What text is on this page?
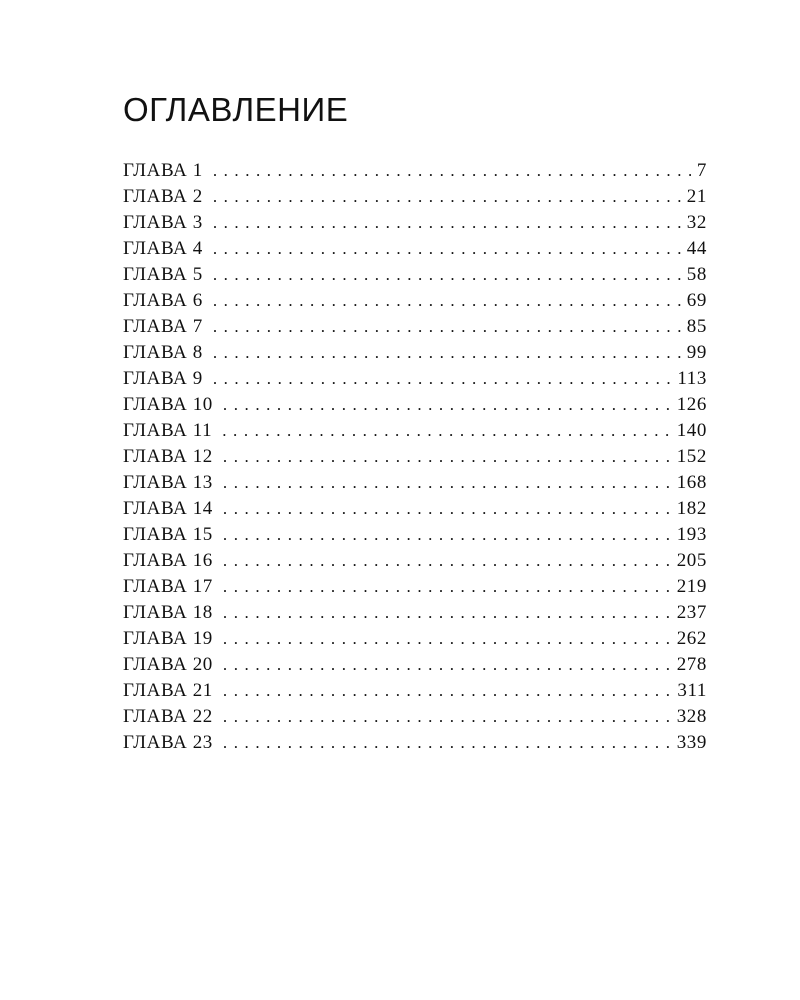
ОГЛАВЛЕНИЕ
ГЛАВА 1 . . .	7
ГЛАВА 2 . . .	21
ГЛАВА 3 . . .	32
ГЛАВА 4 . . .	44
ГЛАВА 5 . . .	58
ГЛАВА 6 . . .	69
ГЛАВА 7 . . .	85
ГЛАВА 8 . . .	99
ГЛАВА 9 . . .	113
ГЛАВА 10 . . .	126
ГЛАВА 11 . . .	140
ГЛАВА 12 . . .	152
ГЛАВА 13 . . .	168
ГЛАВА 14 . . .	182
ГЛАВА 15 . . .	193
ГЛАВА 16 . . .	205
ГЛАВА 17 . . .	219
ГЛАВА 18 . . .	237
ГЛАВА 19 . . .	262
ГЛАВА 20 . . .	278
ГЛАВА 21 . . .	311
ГЛАВА 22 . . .	328
ГЛАВА 23 . . .	339
